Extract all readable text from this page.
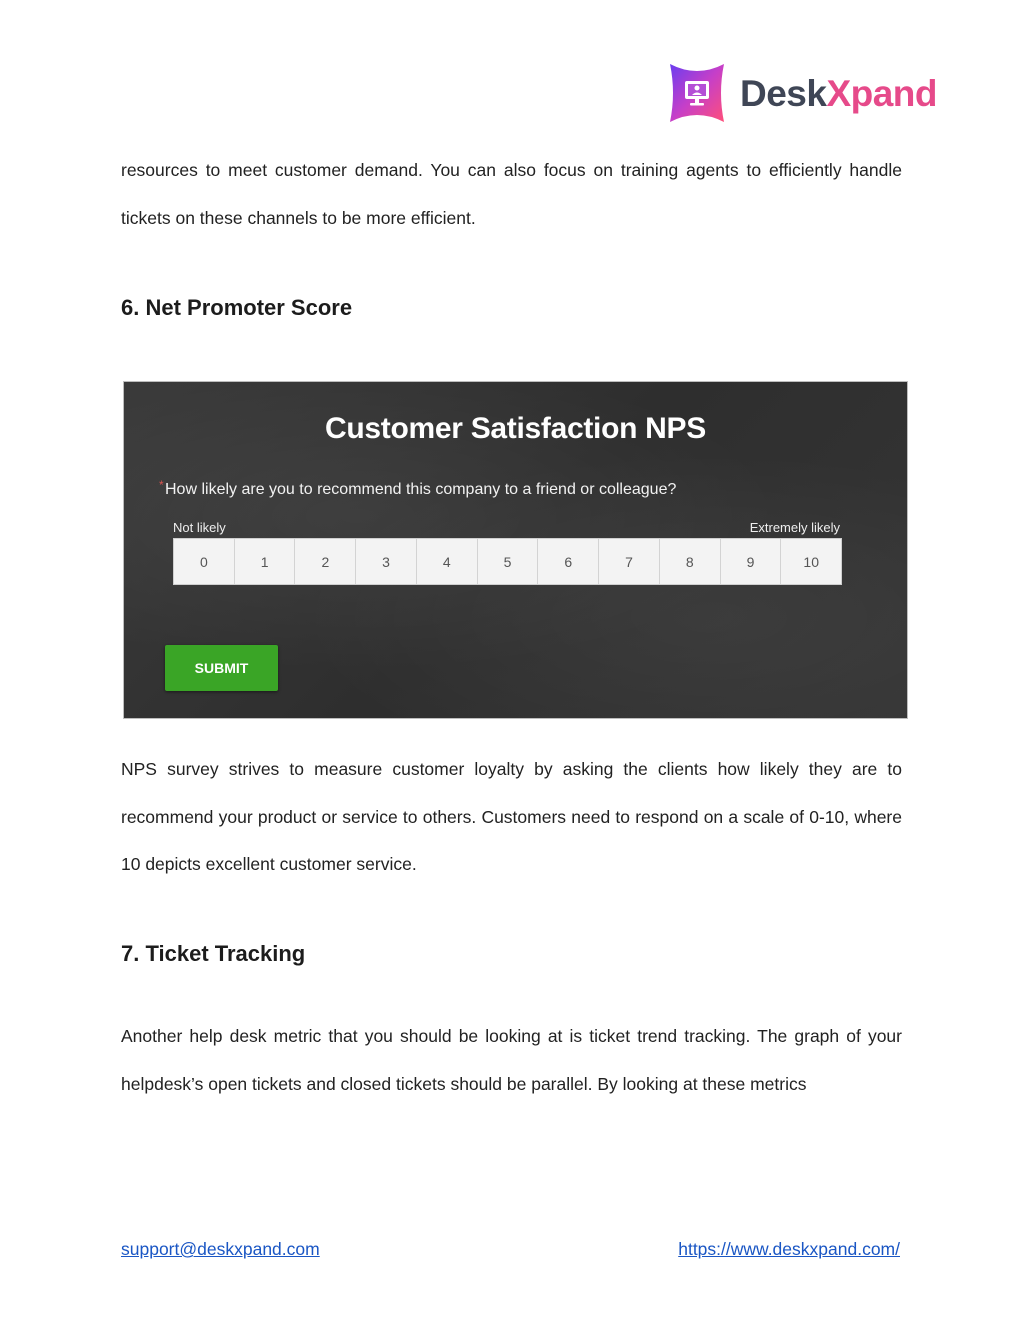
DeskXpand

resources to meet customer demand. You can also focus on training agents to efficiently handle tickets on these channels to be more efficient.

6. Net Promoter Score
Customer Satisfaction NPS
* How likely are you to recommend this company to a friend or colleague?
Not likely	Extremely likely
0	1	2	3	4	5	6	7	8	9	10
SUBMIT

NPS survey strives to measure customer loyalty by asking the clients how likely they are to recommend your product or service to others. Customers need to respond on a scale of 0-10, where 10 depicts excellent customer service.

7. Ticket Tracking

Another help desk metric that you should be looking at is ticket trend tracking. The graph of your helpdesk’s open tickets and closed tickets should be parallel. By looking at these metrics

support@deskxpand.com	https://www.deskxpand.com/
